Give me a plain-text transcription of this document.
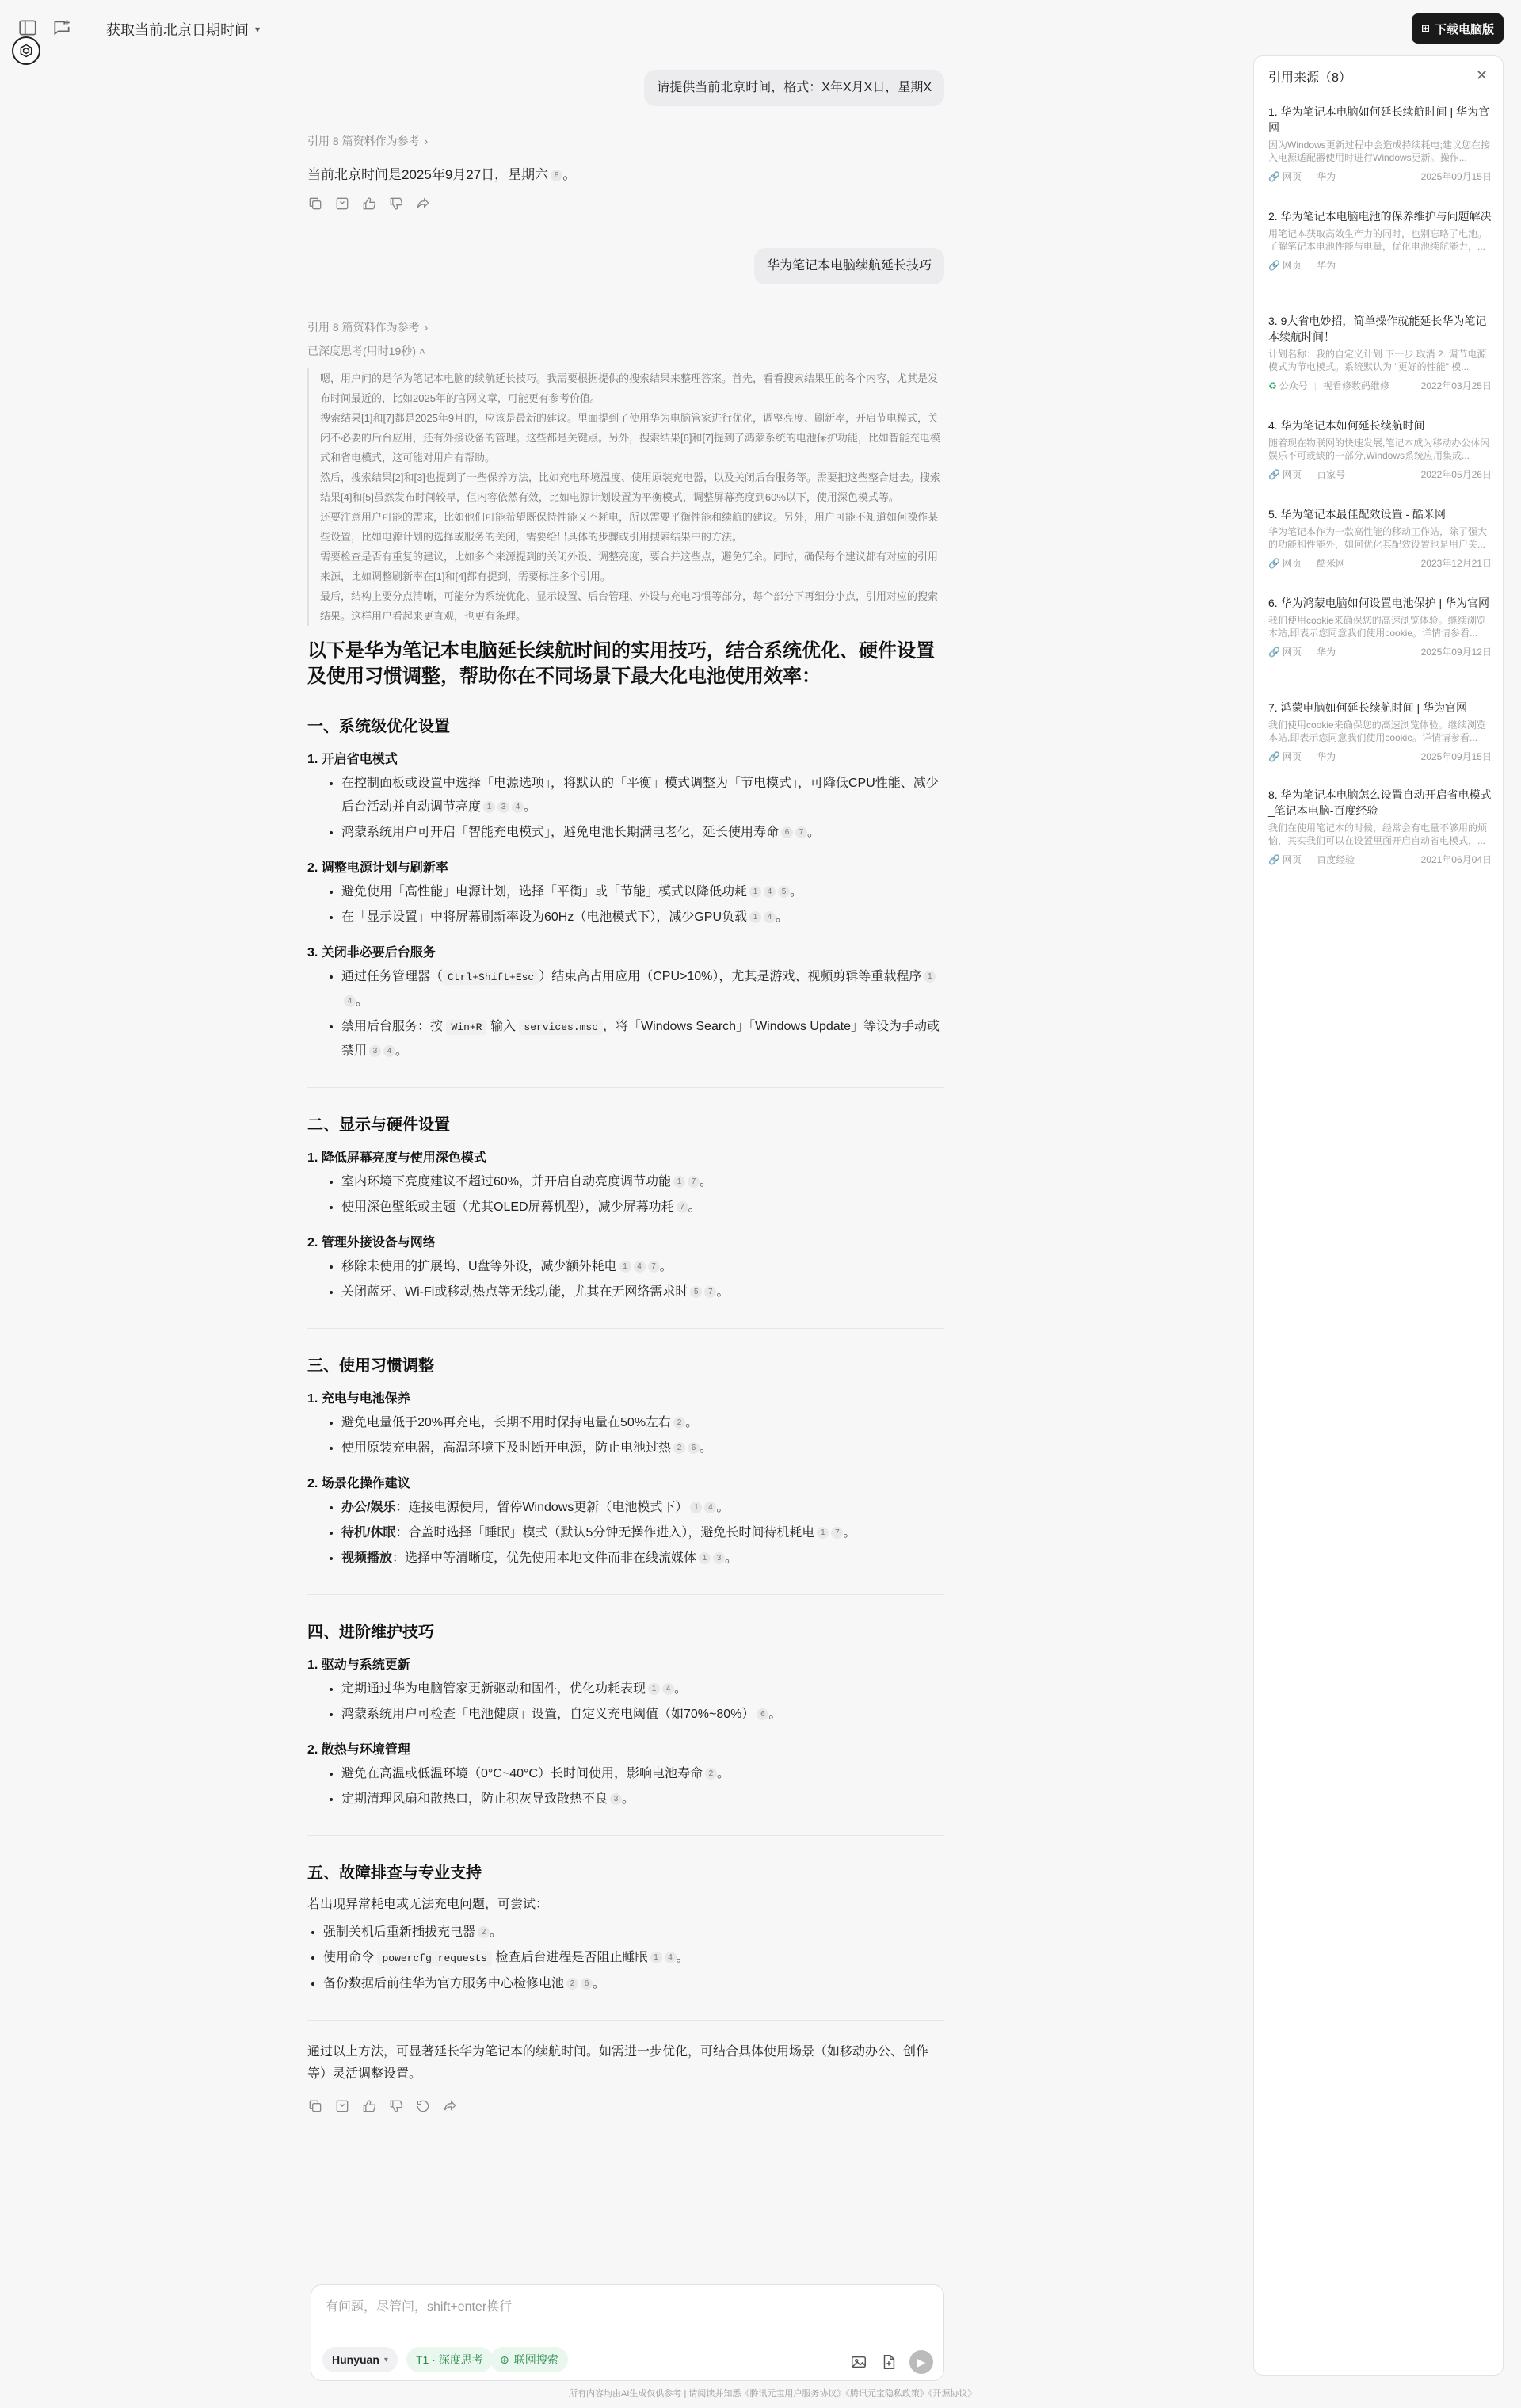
获取当前北京日期时间 ▾	⊞ 下载电脑版
请提供当前北京时间，格式：X年X月X日，星期X
引用 8 篇资料作为参考 ›
当前北京时间是2025年9月27日，星期六 8 。
华为笔记本电脑续航延长技巧
引用 8 篇资料作为参考 ›
已深度思考(用时19秒) ˄

嗯，用户问的是华为笔记本电脑的续航延长技巧。我需要根据提供的搜索结果来整理答案。首先，看看搜索结果里的各个内容，尤其是发布时间最近的，比如2025年的官网文章，可能更有参考价值。

搜索结果[1]和[7]都是2025年9月的，应该是最新的建议。里面提到了使用华为电脑管家进行优化，调整亮度、刷新率，开启节电模式，关闭不必要的后台应用，还有外接设备的管理。这些都是关键点。另外，搜索结果[6]和[7]提到了鸿蒙系统的电池保护功能，比如智能充电模式和省电模式，这可能对用户有帮助。

然后，搜索结果[2]和[3]也提到了一些保养方法，比如充电环境温度、使用原装充电器，以及关闭后台服务等。需要把这些整合进去。搜索结果[4]和[5]虽然发布时间较早，但内容依然有效，比如电源计划设置为平衡模式，调整屏幕亮度到60%以下，使用深色模式等。

还要注意用户可能的需求，比如他们可能希望既保持性能又不耗电，所以需要平衡性能和续航的建议。另外，用户可能不知道如何操作某些设置，比如电源计划的选择或服务的关闭，需要给出具体的步骤或引用搜索结果中的方法。

需要检查是否有重复的建议，比如多个来源提到的关闭外设、调整亮度，要合并这些点，避免冗余。同时，确保每个建议都有对应的引用来源，比如调整刷新率在[1]和[4]都有提到，需要标注多个引用。

最后，结构上要分点清晰，可能分为系统优化、显示设置、后台管理、外设与充电习惯等部分，每个部分下再细分小点，引用对应的搜索结果。这样用户看起来更直观，也更有条理。

以下是华为笔记本电脑延长续航时间的实用技巧，结合系统优化、硬件设置及使用习惯调整，帮助你在不同场景下最大化电池使用效率：
一、系统级优化设置
1. 开启省电模式
• 在控制面板或设置中选择「电源选项」，将默认的「平衡」模式调整为「节电模式」，可降低CPU性能、减少后台活动并自动调节亮度 1 3 4 。
• 鸿蒙系统用户可开启「智能充电模式」，避免电池长期满电老化，延长使用寿命 6 7 。
2. 调整电源计划与刷新率
• 避免使用「高性能」电源计划，选择「平衡」或「节能」模式以降低功耗 1 4 5 。
• 在「显示设置」中将屏幕刷新率设为60Hz（电池模式下），减少GPU负载 1 4 。
3. 关闭非必要后台服务
• 通过任务管理器（ Ctrl+Shift+Esc ）结束高占用应用（CPU>10%），尤其是游戏、视频剪辑等重载程序 14 。
• 禁用后台服务：按 Win+R 输入 services.msc ，将「Windows Search」「Windows Update」等设为手动或禁用 3 4 。
二、显示与硬件设置
1. 降低屏幕亮度与使用深色模式
• 室内环境下亮度建议不超过60%，并开启自动亮度调节功能 1 7 。
• 使用深色壁纸或主题（尤其OLED屏幕机型），减少屏幕功耗 7 。
2. 管理外接设备与网络
• 移除未使用的扩展坞、U盘等外设，减少额外耗电 1 4 7 。
• 关闭蓝牙、Wi-Fi或移动热点等无线功能，尤其在无网络需求时 5 7 。
三、使用习惯调整
1. 充电与电池保养
• 避免电量低于20%再充电，长期不用时保持电量在50%左右 2 。
• 使用原装充电器，高温环境下及时断开电源，防止电池过热 2 6 。
2. 场景化操作建议
• 办公/娱乐：连接电源使用，暂停Windows更新（电池模式下） 1 4 。
• 待机/休眠：合盖时选择「睡眠」模式（默认5分钟无操作进入），避免长时间待机耗电 1 7 。
• 视频播放：选择中等清晰度，优先使用本地文件而非在线流媒体 1 3 。
四、进阶维护技巧
1. 驱动与系统更新
• 定期通过华为电脑管家更新驱动和固件，优化功耗表现 1 4 。
• 鸿蒙系统用户可检查「电池健康」设置，自定义充电阈值（如70%~80%） 6 。
2. 散热与环境管理
• 避免在高温或低温环境（0°C~40°C）长时间使用，影响电池寿命 2 。
• 定期清理风扇和散热口，防止积灰导致散热不良 3 。
五、故障排查与专业支持
若出现异常耗电或无法充电问题，可尝试：
• 强制关机后重新插拔充电器 2 。
• 使用命令 powercfg requests 检查后台进程是否阻止睡眠 1 4 。
• 备份数据后前往华为官方服务中心检修电池 2 6 。
通过以上方法，可显著延长华为笔记本的续航时间。如需进一步优化，可结合具体使用场景（如移动办公、创作等）灵活调整设置。
有问题，尽管问，shift+enter换行
Hunyuan ▾	T1 · 深度思考 ⊕ 联网搜索	▶
所有内容均由AI生成仅供参考 | 请阅读并知悉《腾讯元宝用户服务协议》《腾讯元宝隐私政策》《开源协议》
引用来源（8）	✕
1. 华为笔记本电脑如何延长续航时间 | 华为官网
因为Windows更新过程中会造成持续耗电;建议您在接入电源适配器使用时进行Windows更新。操作...
🔗 网页 | 华为	2025年09月15日
2. 华为笔记本电脑电池的保养维护与问题解决
用笔记本获取高效生产力的同时，也别忘略了电池。了解笔记本电池性能与电量，优化电池续航能力，...
🔗 网页 | 华为
3. 9大省电妙招，简单操作就能延长华为笔记本续航时间！
计划名称：我的自定义计划 下一步 取消 2. 调节电源模式为节电模式。系统默认为 "更好的性能" 模...
♻ 公众号 | 视看修数码维修	2022年03月25日
4. 华为笔记本如何延长续航时间
随着现在物联网的快速发展,笔记本成为移动办公休闲娱乐不可或缺的一部分,Windows系统应用集成...
🔗 网页 | 百家号	2022年05月26日
5. 华为笔记本最佳配效设置 - 酷米网
华为笔记本作为一款高性能的移动工作站，除了强大的功能和性能外，如何优化其配效设置也是用户关...
🔗 网页 | 酷米网	2023年12月21日
6. 华为鸿蒙电脑如何设置电池保护 | 华为官网
我们使用cookie来确保您的高速浏览体验。继续浏览本站,即表示您同意我们使用cookie。详情请参看...
🔗 网页 | 华为	2025年09月12日
7. 鸿蒙电脑如何延长续航时间 | 华为官网
我们使用cookie来确保您的高速浏览体验。继续浏览本站,即表示您同意我们使用cookie。详情请参看...
🔗 网页 | 华为	2025年09月15日
8. 华为笔记本电脑怎么设置自动开启省电模式_笔记本电脑-百度经验
我们在使用笔记本的时候，经常会有电量不够用的烦恼，其实我们可以在设置里面开启自动省电模式，...
🔗 网页 | 百度经验	2021年06月04日
